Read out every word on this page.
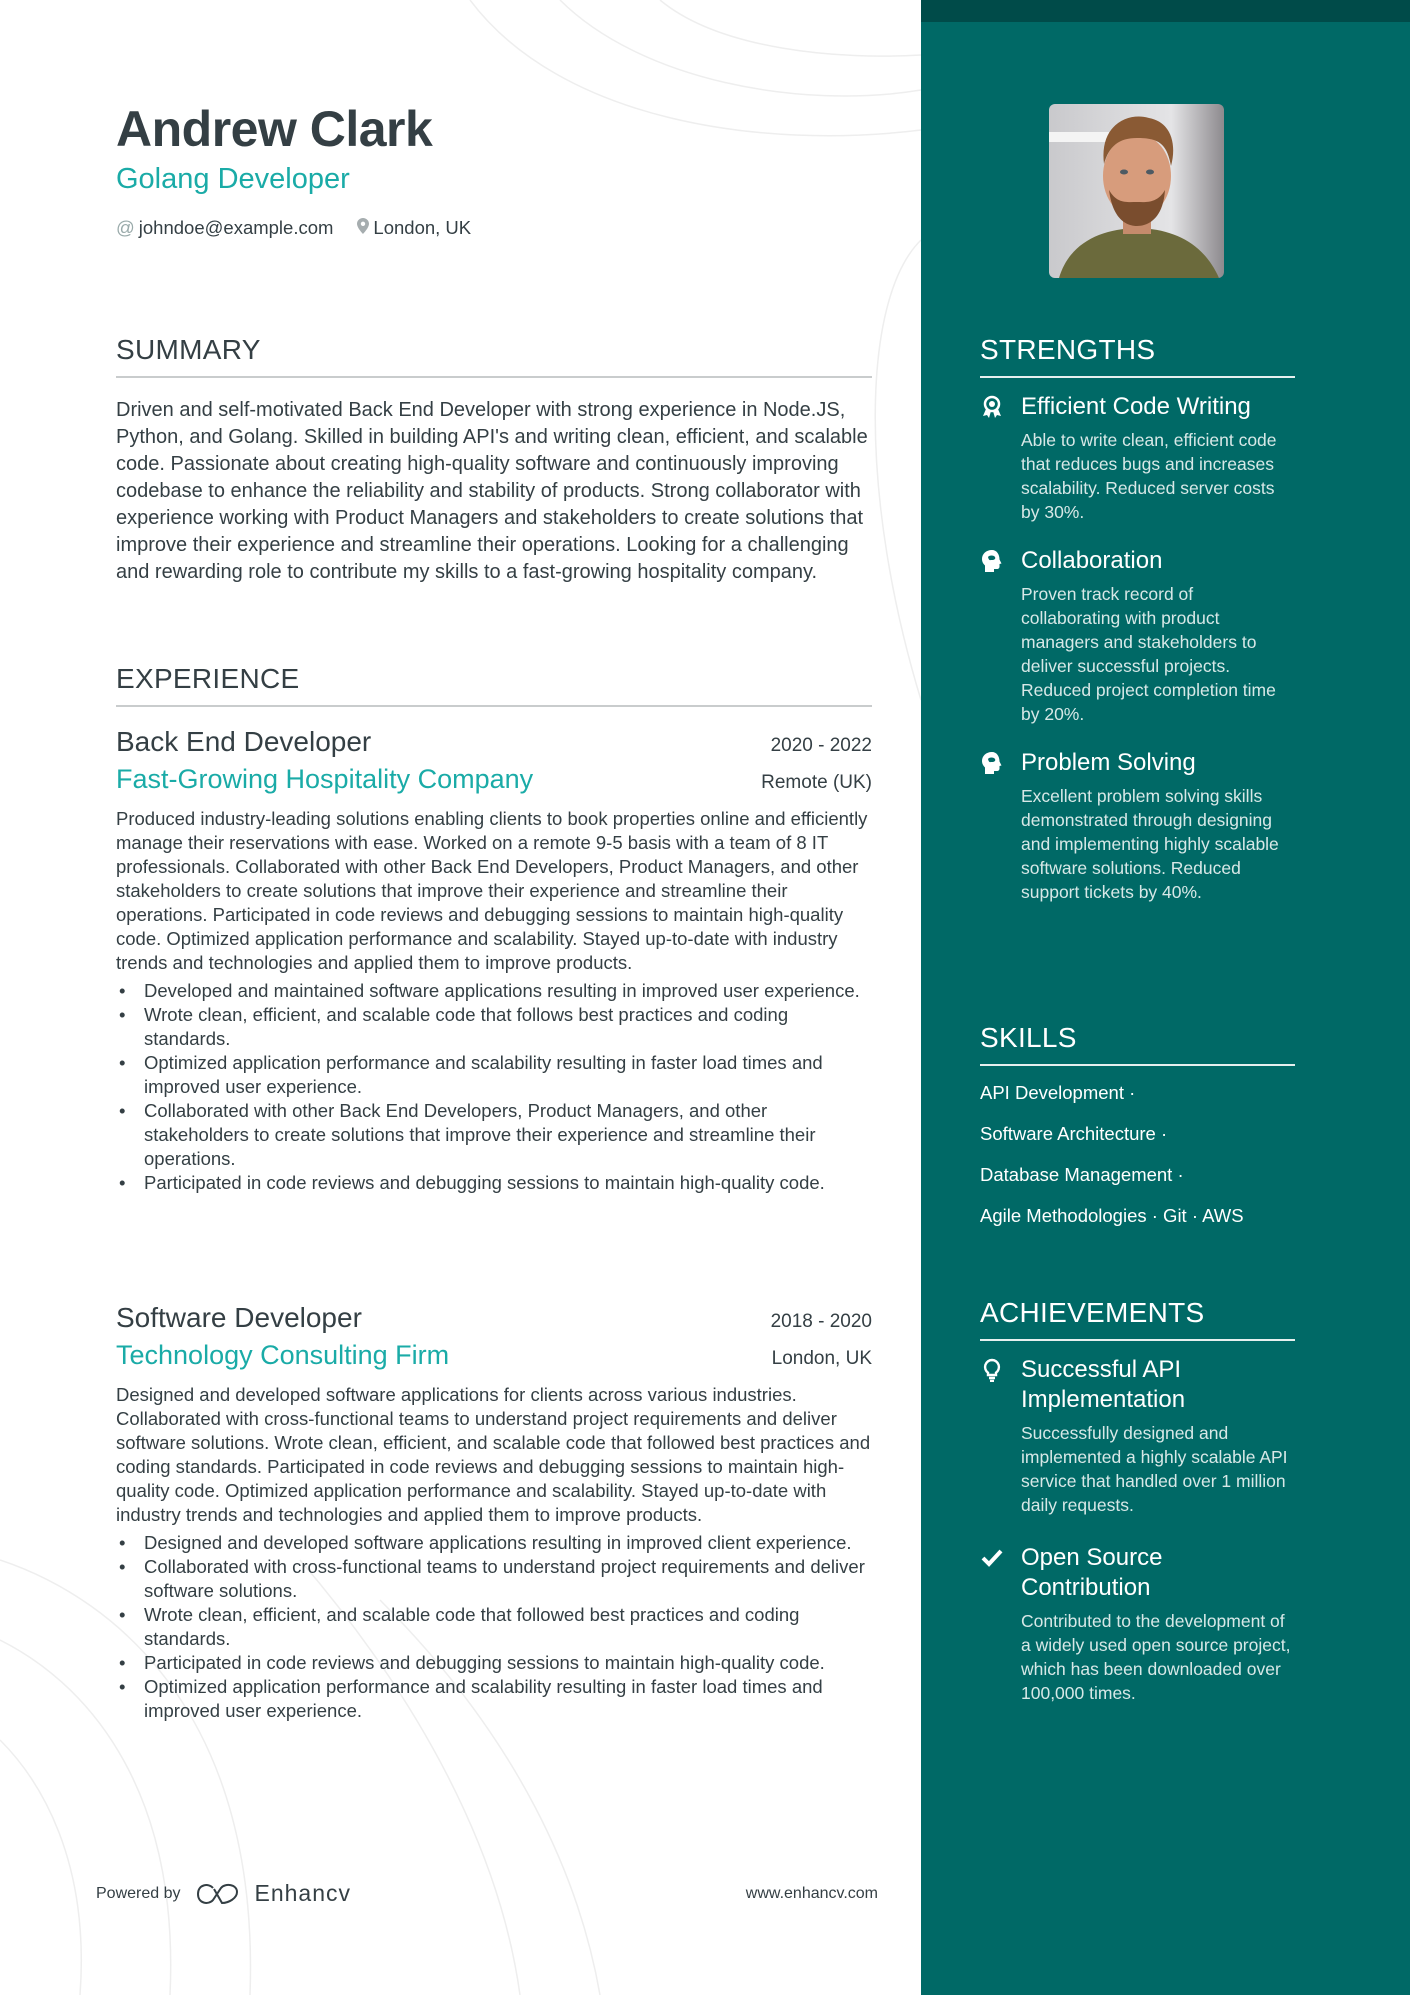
Andrew Clark
Golang Developer
@ johndoe@example.com	London, UK
SUMMARY
Driven and self-motivated Back End Developer with strong experience in Node.JS, Python, and Golang. Skilled in building API's and writing clean, efficient, and scalable code. Passionate about creating high-quality software and continuously improving codebase to enhance the reliability and stability of products. Strong collaborator with experience working with Product Managers and stakeholders to create solutions that improve their experience and streamline their operations. Looking for a challenging and rewarding role to contribute my skills to a fast-growing hospitality company.
EXPERIENCE
Back End Developer	2020 - 2022
Fast-Growing Hospitality Company	Remote (UK)
Produced industry-leading solutions enabling clients to book properties online and efficiently manage their reservations with ease. Worked on a remote 9-5 basis with a team of 8 IT professionals. Collaborated with other Back End Developers, Product Managers, and other stakeholders to create solutions that improve their experience and streamline their operations. Participated in code reviews and debugging sessions to maintain high-quality code. Optimized application performance and scalability. Stayed up-to-date with industry trends and technologies and applied them to improve products.
• Developed and maintained software applications resulting in improved user experience.
• Wrote clean, efficient, and scalable code that follows best practices and coding standards.
• Optimized application performance and scalability resulting in faster load times and improved user experience.
• Collaborated with other Back End Developers, Product Managers, and other stakeholders to create solutions that improve their experience and streamline their operations.
• Participated in code reviews and debugging sessions to maintain high-quality code.
Software Developer	2018 - 2020
Technology Consulting Firm	London, UK
Designed and developed software applications for clients across various industries. Collaborated with cross-functional teams to understand project requirements and deliver software solutions. Wrote clean, efficient, and scalable code that followed best practices and coding standards. Participated in code reviews and debugging sessions to maintain high-quality code. Optimized application performance and scalability. Stayed up-to-date with industry trends and technologies and applied them to improve products.
• Designed and developed software applications resulting in improved client experience.
• Collaborated with cross-functional teams to understand project requirements and deliver software solutions.
• Wrote clean, efficient, and scalable code that followed best practices and coding standards.
• Participated in code reviews and debugging sessions to maintain high-quality code.
• Optimized application performance and scalability resulting in faster load times and improved user experience.
Powered by	Enhancv	www.enhancv.com
STRENGTHS
Efficient Code Writing
Able to write clean, efficient code that reduces bugs and increases scalability. Reduced server costs by 30%.
Collaboration
Proven track record of collaborating with product managers and stakeholders to deliver successful projects. Reduced project completion time by 20%.
Problem Solving
Excellent problem solving skills demonstrated through designing and implementing highly scalable software solutions. Reduced support tickets by 40%.
SKILLS
API Development ·
Software Architecture ·
Database Management ·
Agile Methodologies · Git · AWS
ACHIEVEMENTS
Successful API Implementation
Successfully designed and implemented a highly scalable API service that handled over 1 million daily requests.
Open Source Contribution
Contributed to the development of a widely used open source project, which has been downloaded over 100,000 times.
